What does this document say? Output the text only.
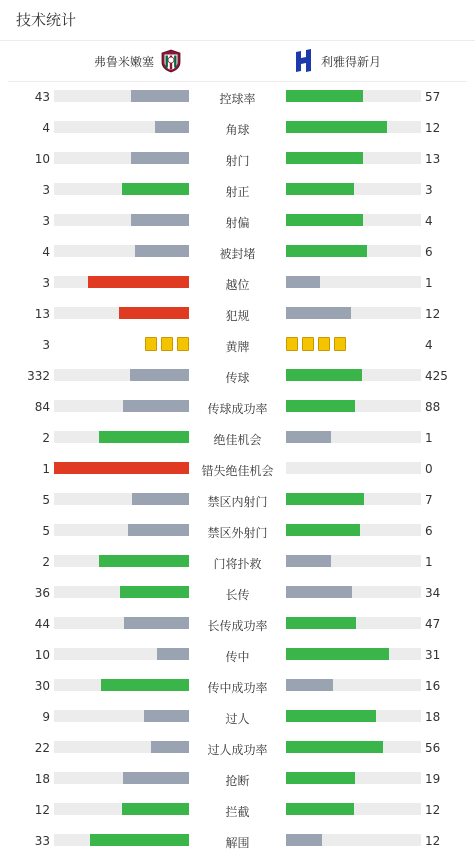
技术统计
弗鲁米嫩塞	利雅得新月
43	控球率	57
4	角球	12
10	射门	13
3	射正	3
3	射偏	4
4	被封堵	6
3	越位	1
13	犯规	12
3	黄牌	4
332	传球	425
84	传球成功率	88
2	绝佳机会	1
1	错失绝佳机会	0
5	禁区内射门	7
5	禁区外射门	6
2	门将扑救	1
36	长传	34
44	长传成功率	47
10	传中	31
30	传中成功率	16
9	过人	18
22	过人成功率	56
18	抢断	19
12	拦截	12
33	解围	12
